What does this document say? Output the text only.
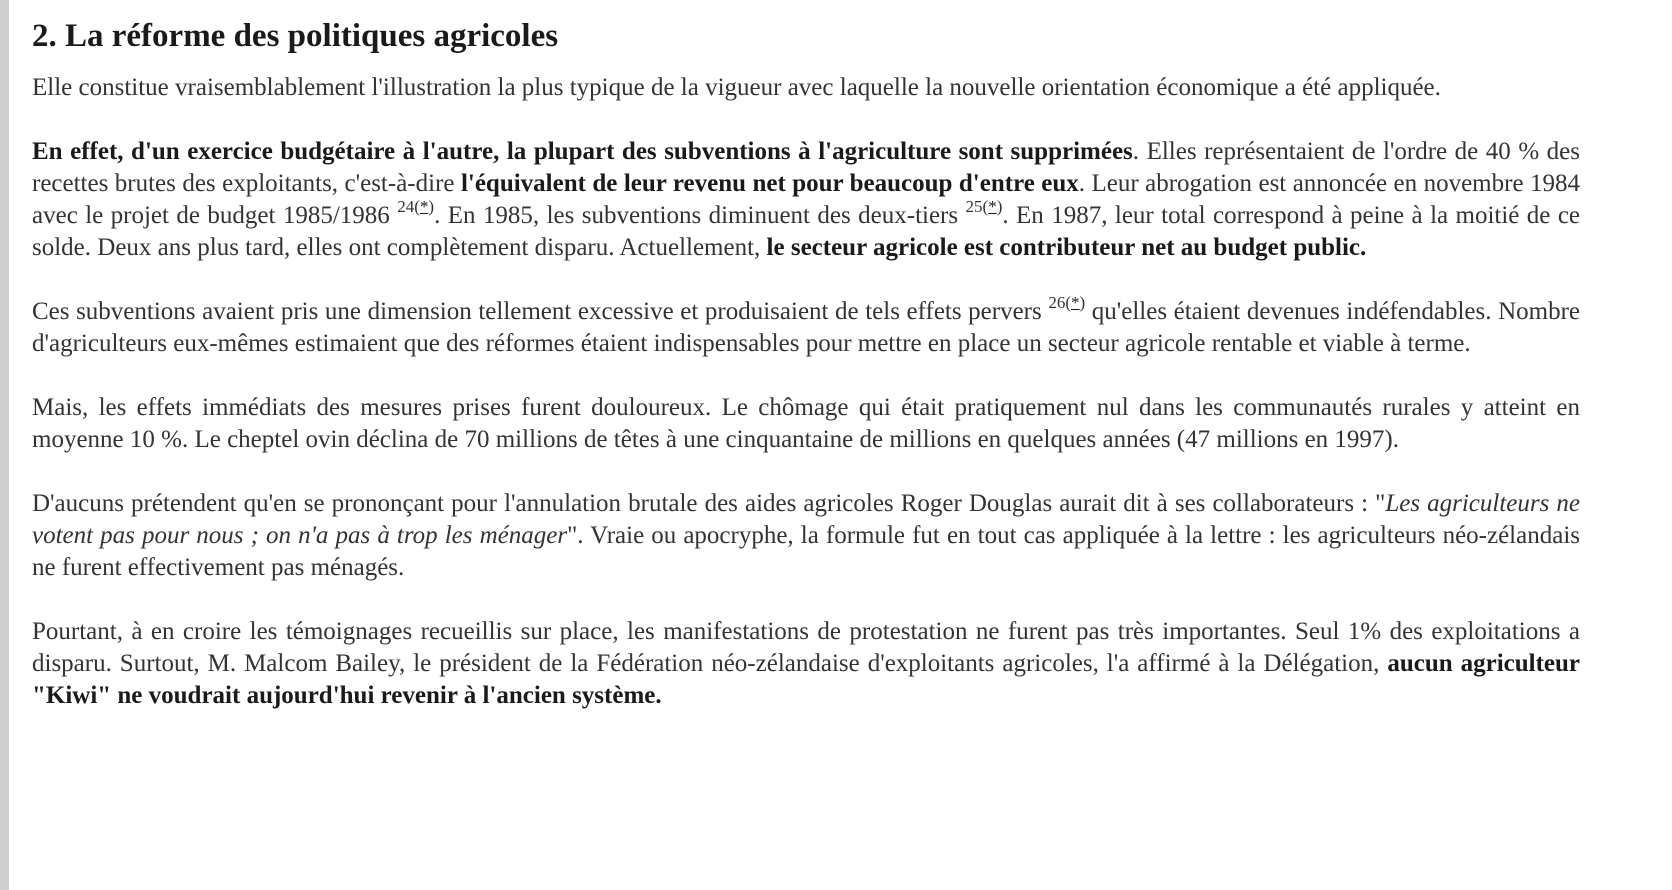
2. La réforme des politiques agricoles

Elle constitue vraisemblablement l'illustration la plus typique de la vigueur avec laquelle la nouvelle orientation économique a été appliquée.

En effet, d'un exercice budgétaire à l'autre, la plupart des subventions à l'agriculture sont supprimées. Elles représentaient de l'ordre de 40 % des recettes brutes des exploitants, c'est-à-dire l'équivalent de leur revenu net pour beaucoup d'entre eux. Leur abrogation est annoncée en novembre 1984 avec le projet de budget 1985/1986 $^{24(*)}$. En 1985, les subventions diminuent des deux-tiers $^{25(*)}$. En 1987, leur total correspond à peine à la moitié de ce solde. Deux ans plus tard, elles ont complètement disparu. Actuellement, le secteur agricole est contributeur net au budget public.

Ces subventions avaient pris une dimension tellement excessive et produisaient de tels effets pervers $^{26(*)}$ qu'elles étaient devenues indéfendables. Nombre d'agriculteurs eux-mêmes estimaient que des réformes étaient indispensables pour mettre en place un secteur agricole rentable et viable à terme.

Mais, les effets immédiats des mesures prises furent douloureux. Le chômage qui était pratiquement nul dans les communautés rurales y atteint en moyenne 10 %. Le cheptel ovin déclina de 70 millions de têtes à une cinquantaine de millions en quelques années (47 millions en 1997).

D'aucuns prétendent qu'en se prononçant pour l'annulation brutale des aides agricoles Roger Douglas aurait dit à ses collaborateurs : "Les agriculteurs ne votent pas pour nous ; on n'a pas à trop les ménager". Vraie ou apocryphe, la formule fut en tout cas appliquée à la lettre : les agriculteurs néo-zélandais ne furent effectivement pas ménagés.

Pourtant, à en croire les témoignages recueillis sur place, les manifestations de protestation ne furent pas très importantes. Seul 1% des exploitations a disparu. Surtout, M. Malcom Bailey, le président de la Fédération néo-zélandaise d'exploitants agricoles, l'a affirmé à la Délégation, aucun agriculteur "Kiwi" ne voudrait aujourd'hui revenir à l'ancien système.
